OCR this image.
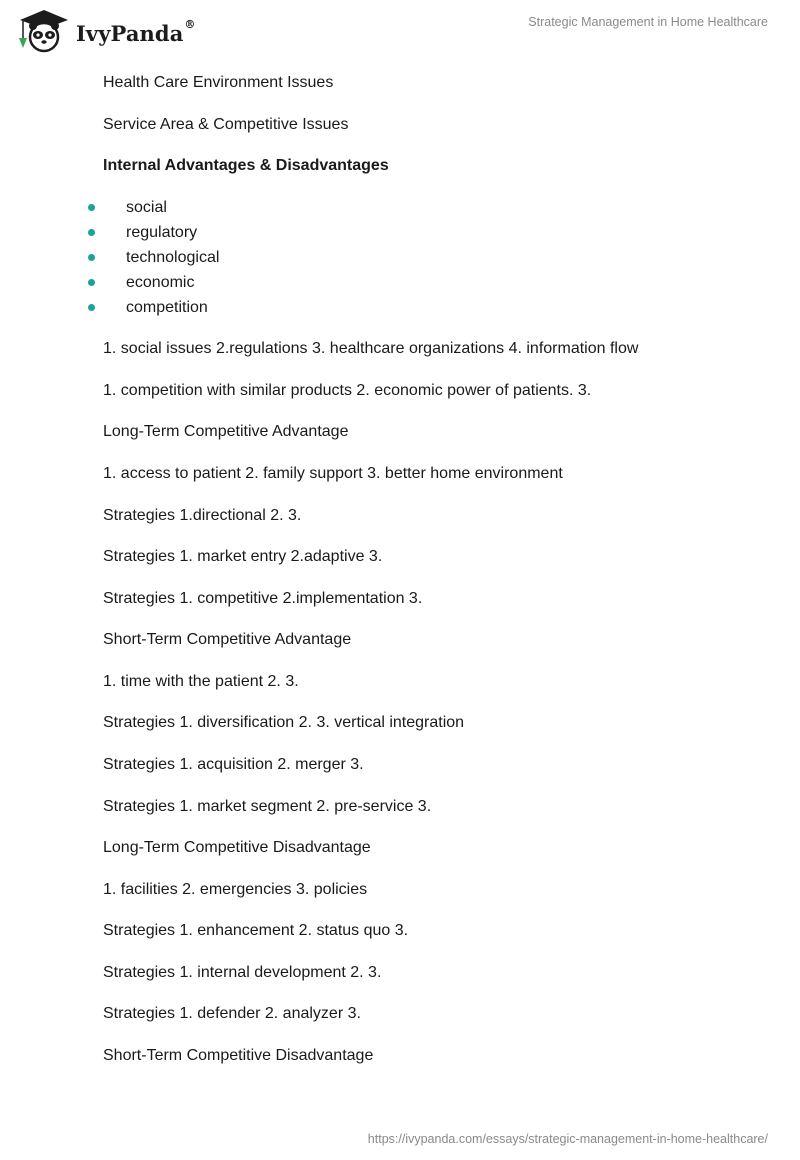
IvyPanda®	Strategic Management in Home Healthcare
Health Care Environment Issues
Service Area & Competitive Issues
Internal Advantages & Disadvantages
social
regulatory
technological
economic
competition
1. social issues 2.regulations 3. healthcare organizations 4. information flow
1. competition with similar products 2. economic power of patients. 3.
Long-Term Competitive Advantage
1. access to patient 2. family support 3. better home environment
Strategies 1.directional 2. 3.
Strategies 1. market entry 2.adaptive 3.
Strategies 1. competitive 2.implementation 3.
Short-Term Competitive Advantage
1. time with the patient 2. 3.
Strategies 1. diversification 2. 3. vertical integration
Strategies 1. acquisition 2. merger 3.
Strategies 1. market segment 2. pre-service 3.
Long-Term Competitive Disadvantage
1. facilities 2. emergencies 3. policies
Strategies 1. enhancement 2. status quo 3.
Strategies 1. internal development 2. 3.
Strategies 1. defender 2. analyzer 3.
Short-Term Competitive Disadvantage
https://ivypanda.com/essays/strategic-management-in-home-healthcare/
